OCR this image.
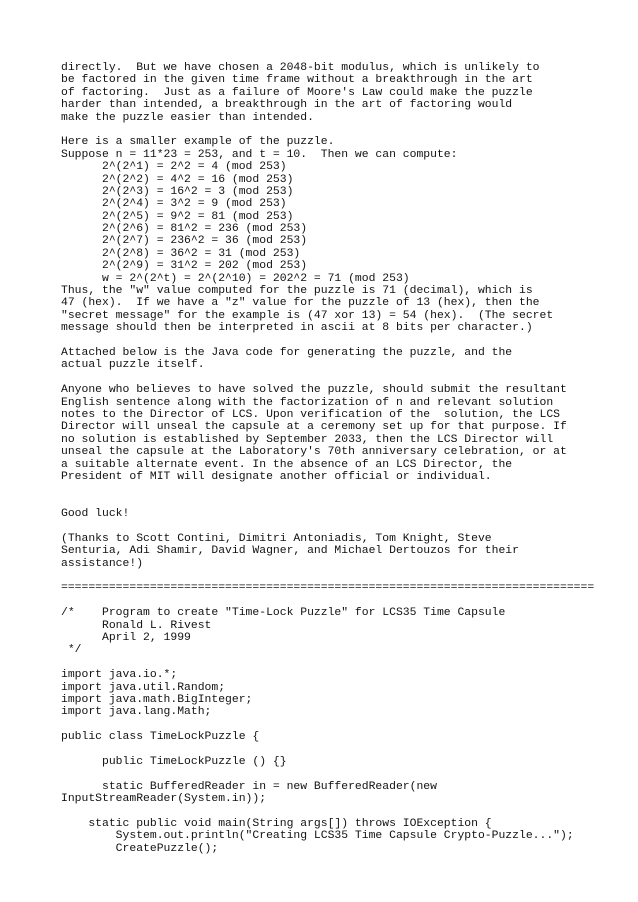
directly.  But we have chosen a 2048-bit modulus, which is unlikely to
be factored in the given time frame without a breakthrough in the art
of factoring.  Just as a failure of Moore's Law could make the puzzle
harder than intended, a breakthrough in the art of factoring would
make the puzzle easier than intended.
Here is a smaller example of the puzzle.
Suppose n = 11*23 = 253, and t = 10.  Then we can compute:
2^(2^1) = 2^2 = 4 (mod 253)
2^(2^2) = 4^2 = 16 (mod 253)
2^(2^3) = 16^2 = 3 (mod 253)
2^(2^4) = 3^2 = 9 (mod 253)
2^(2^5) = 9^2 = 81 (mod 253)
2^(2^6) = 81^2 = 236 (mod 253)
2^(2^7) = 236^2 = 36 (mod 253)
2^(2^8) = 36^2 = 31 (mod 253)
2^(2^9) = 31^2 = 202 (mod 253)
w = 2^(2^t) = 2^(2^10) = 202^2 = 71 (mod 253)
Thus, the "w" value computed for the puzzle is 71 (decimal), which is
47 (hex).  If we have a "z" value for the puzzle of 13 (hex), then the
"secret message" for the example is (47 xor 13) = 54 (hex).  (The secret
message should then be interpreted in ascii at 8 bits per character.)
Attached below is the Java code for generating the puzzle, and the
actual puzzle itself.
Anyone who believes to have solved the puzzle, should submit the resultant
English sentence along with the factorization of n and relevant solution
notes to the Director of LCS. Upon verification of the  solution, the LCS
Director will unseal the capsule at a ceremony set up for that purpose. If
no solution is established by September 2033, then the LCS Director will
unseal the capsule at the Laboratory's 70th anniversary celebration, or at
a suitable alternate event. In the absence of an LCS Director, the
President of MIT will designate another official or individual.
Good luck!
(Thanks to Scott Contini, Dimitri Antoniadis, Tom Knight, Steve
Senturia, Adi Shamir, David Wagner, and Michael Dertouzos for their
assistance!)
==============================================================================
/*    Program to create "Time-Lock Puzzle" for LCS35 Time Capsule
Ronald L. Rivest
April 2, 1999
*/
import java.io.*;
import java.util.Random;
import java.math.BigInteger;
import java.lang.Math;
public class TimeLockPuzzle {
public TimeLockPuzzle () {}
static BufferedReader in = new BufferedReader(new
InputStreamReader(System.in));
static public void main(String args[]) throws IOException {
System.out.println("Creating LCS35 Time Capsule Crypto-Puzzle...");
CreatePuzzle();
